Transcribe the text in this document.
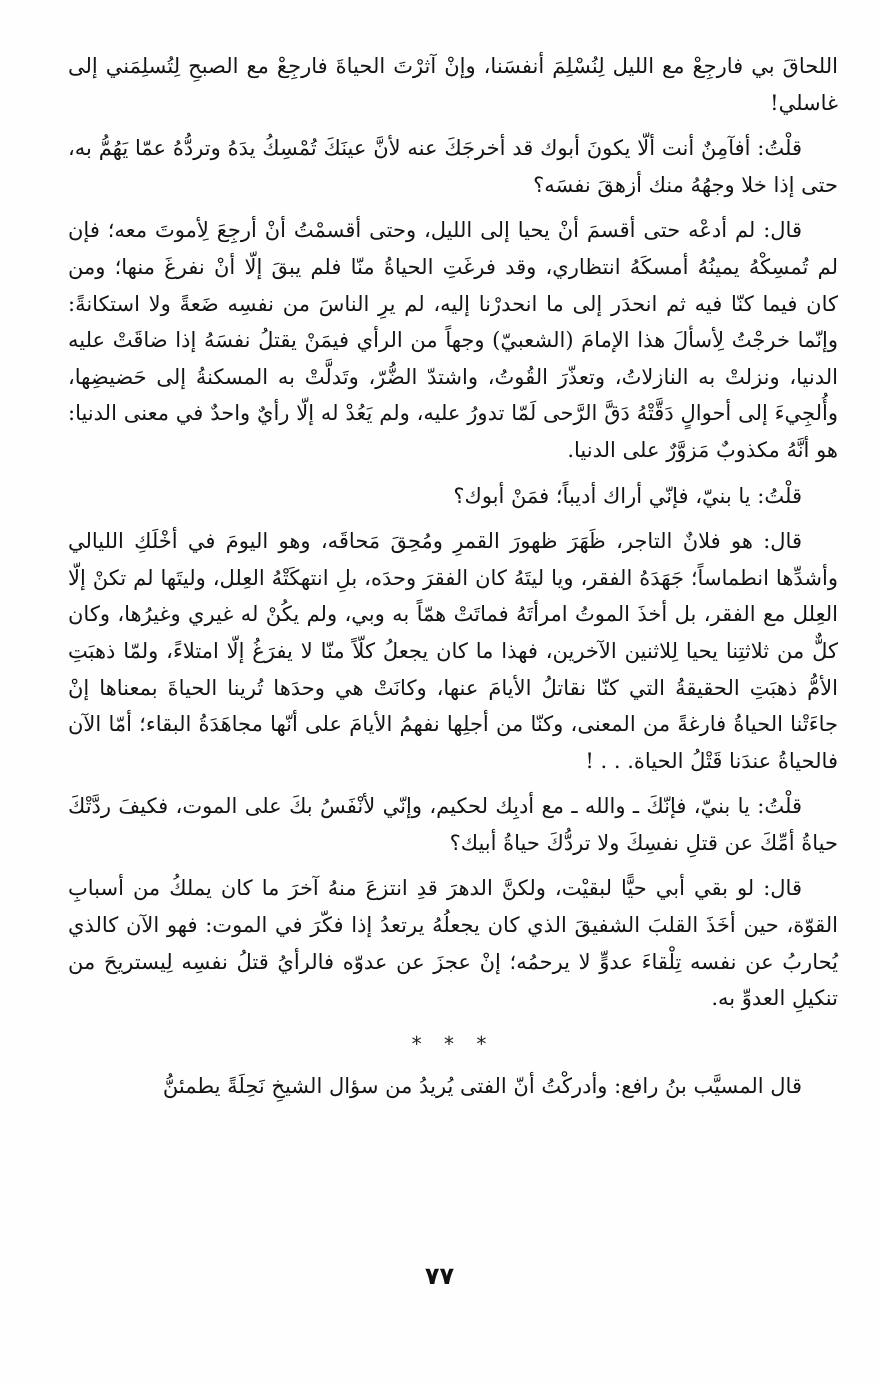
اللحاقَ بي فارجِعْ مع الليل لِنُسْلِمَ أنفسَنا، وإنْ آثرْتَ الحياةَ فارجِعْ مع الصبحِ لِتُسلِمَني إلى غاسلي!

قلْتُ: أفآمِنٌ أنت ألّا يكونَ أبوك قد أخرجَكَ عنه لأنَّ عينَكَ تُمْسِكُ يدَهُ وتردُّهُ عمّا يَهُمُّ به، حتى إذا خلا وجهُهُ منك أزهقَ نفسَه؟

قال: لم أدعْه حتى أقسمَ أنْ يحيا إلى الليل، وحتى أقسمْتُ أنْ أرجِعَ لِأموتَ معه؛ فإن لم تُمسِكْهُ يمينُهُ أمسكَهُ انتظاري، وقد فرغَتِ الحياةُ منّا فلم يبقَ إلّا أنْ نفرغَ منها؛ ومن كان فيما كنّا فيه ثم انحدَر إلى ما انحدرْنا إليه، لم يرِ الناسَ من نفسِه ضَعةً ولا استكانةً: وإنّما خرجْتُ لِأسألَ هذا الإمامَ (الشعبيّ) وجهاً من الرأي فيمَنْ يقتلُ نفسَهُ إذا ضاقَتْ عليه الدنيا، ونزلتْ به النازلاتُ، وتعذّرَ القُوتُ، واشتدّ الضُّرّ، وتَدلَّتْ به المسكنةُ إلى حَضيضِها، وأُلجِيءَ إلى أحوالٍ دَقَّتْهُ دَقَّ الرَّحى لَمّا تدورُ عليه، ولم يَعُدْ له إلّا رأيٌ واحدٌ في معنى الدنيا: هو أنَّهُ مكذوبٌ مَزوَّرٌ على الدنيا.

قلْتُ: يا بنيّ، فإنّي أراك أديباً؛ فمَنْ أبوك؟

قال: هو فلانٌ التاجر، ظَهَرَ ظهورَ القمرِ ومُحِقَ مَحاقَه، وهو اليومَ في أخْلَكِ الليالي وأشدِّها انطماساً؛ جَهَدَهُ الفقر، ويا ليتَهُ كان الفقرَ وحدَه، بلِ انتهكَتْهُ العِلل، وليتَها لم تكنْ إلّا العِلل مع الفقر، بل أخذَ الموتُ امرأتَهُ فماتَتْ همّاً به وبي، ولم يكُنْ له غيري وغيرُها، وكان كلٌّ من ثلاثتِنا يحيا لِلاثنين الآخرين، فهذا ما كان يجعلُ كلّاً منّا لا يفرَغُ إلّا امتلاءً، ولمّا ذهبَتِ الأمُّ ذهبَتِ الحقيقةُ التي كنّا نقاتلُ الأيامَ عنها، وكانَتْ هي وحدَها تُرينا الحياةَ بمعناها إنْ جاءَتْنا الحياةُ فارغةً من المعنى، وكنّا من أجلِها نفهمُ الأيامَ على أنّها مجاهَدَةُ البقاء؛ أمّا الآن فالحياةُ عندَنا قَتْلُ الحياة. . . !

قلْتُ: يا بنيّ، فإنّكَ ـ والله ـ مع أدبِك لحكيم، وإنّي لأنْفَسُ بكَ على الموت، فكيفَ ردَّتْكَ حياةُ أمِّكَ عن قتلِ نفسِكَ ولا تردُّكَ حياةُ أبيك؟

قال: لو بقي أبي حيًّا لبقيْت، ولكنَّ الدهرَ قدِ انتزعَ منهُ آخرَ ما كان يملكُ من أسبابِ القوّة، حين أخَذَ القلبَ الشفيقَ الذي كان يجعلُهُ يرتعدُ إذا فكّرَ في الموت: فهو الآن كالذي يُحاربُ عن نفسه تِلْقاءَ عدوٍّ لا يرحمُه؛ إنْ عجزَ عن عدوّه فالرأيُ قتلُ نفسِه لِيستريحَ من تنكيلِ العدوِّ به.

* * *

قال المسيَّب بنُ رافع: وأدركْتُ أنّ الفتى يُريدُ من سؤال الشيخِ نَحِلَةً يطمئنُّ

٧٧
